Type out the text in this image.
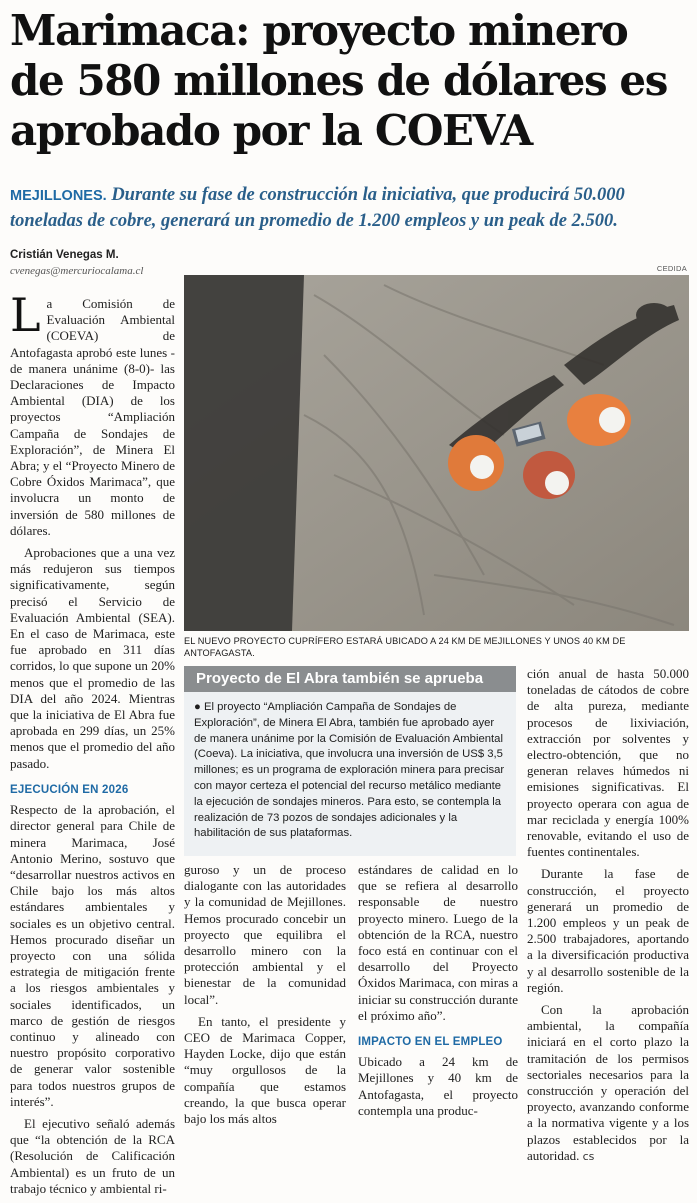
Marimaca: proyecto minero de 580 millones de dólares es aprobado por la COEVA
MEJILLONES. Durante su fase de construcción la iniciativa, que producirá 50.000 toneladas de cobre, generará un promedio de 1.200 empleos y un peak de 2.500.
Cristián Venegas M.
cvenegas@mercuriocalama.cl

La Comisión de Evaluación Ambiental (COEVA) de Antofagasta aprobó este lunes -de manera unánime (8-0)- las Declaraciones de Impacto Ambiental (DIA) de los proyectos “Ampliación Campaña de Sondajes de Exploración”, de Minera El Abra; y el “Proyecto Minero de Cobre Óxidos Marimaca”, que involucra un monto de inversión de 580 millones de dólares.

Aprobaciones que a una vez más redujeron sus tiempos significativamente, según precisó el Servicio de Evaluación Ambiental (SEA). En el caso de Marimaca, este fue aprobado en 311 días corridos, lo que supone un 20% menos que el promedio de las DIA del año 2024. Mientras que la iniciativa de El Abra fue aprobada en 299 días, un 25% menos que el promedio del año pasado.

EJECUCIÓN EN 2026

Respecto de la aprobación, el director general para Chile de minera Marimaca, José Antonio Merino, sostuvo que “desarrollar nuestros activos en Chile bajo los más altos estándares ambientales y sociales es un objetivo central. Hemos procurado diseñar un proyecto con una sólida estrategia de mitigación frente a los riesgos ambientales y sociales identificados, un marco de gestión de riesgos continuo y alineado con nuestro propósito corporativo de generar valor sostenible para todos nuestros grupos de interés”.

El ejecutivo señaló además que “la obtención de la RCA (Resolución de Calificación Ambiental) es un fruto de un trabajo técnico y ambiental ri-

CEDIDA
EL NUEVO PROYECTO CUPRÍFERO ESTARÁ UBICADO A 24 KM DE MEJILLONES Y UNOS 40 KM DE ANTOFAGASTA.
Proyecto de El Abra también se aprueba
● El proyecto “Ampliación Campaña de Sondajes de Exploración”, de Minera El Abra, también fue aprobado ayer de manera unánime por la Comisión de Evaluación Ambiental (Coeva). La iniciativa, que involucra una inversión de US$ 3,5 millones; es un programa de exploración minera para precisar con mayor certeza el potencial del recurso metálico mediante la ejecución de sondajes mineros. Para esto, se contempla la realización de 73 pozos de sondajes adicionales y la habilitación de sus plataformas.

guroso y un de proceso dialogante con las autoridades y la comunidad de Mejillones. Hemos procurado concebir un proyecto que equilibra el desarrollo minero con la protección ambiental y el bienestar de la comunidad local”.

En tanto, el presidente y CEO de Marimaca Copper, Hayden Locke, dijo que están “muy orgullosos de la compañía que estamos creando, la que busca operar bajo los más altos

estándares de calidad en lo que se refiera al desarrollo responsable de nuestro proyecto minero. Luego de la obtención de la RCA, nuestro foco está en continuar con el desarrollo del Proyecto Óxidos Marimaca, con miras a iniciar su construcción durante el próximo año”.

IMPACTO EN EL EMPLEO

Ubicado a 24 km de Mejillones y 40 km de Antofagasta, el proyecto contempla una produc-

ción anual de hasta 50.000 toneladas de cátodos de cobre de alta pureza, mediante procesos de lixiviación, extracción por solventes y electro-obtención, que no generan relaves húmedos ni emisiones significativas. El proyecto operara con agua de mar reciclada y energía 100% renovable, evitando el uso de fuentes continentales.

Durante la fase de construcción, el proyecto generará un promedio de 1.200 empleos y un peak de 2.500 trabajadores, aportando a la diversificación productiva y al desarrollo sostenible de la región.

Con la aprobación ambiental, la compañía iniciará en el corto plazo la tramitación de los permisos sectoriales necesarios para la construcción y operación del proyecto, avanzando conforme a la normativa vigente y a los plazos establecidos por la autoridad. cs
